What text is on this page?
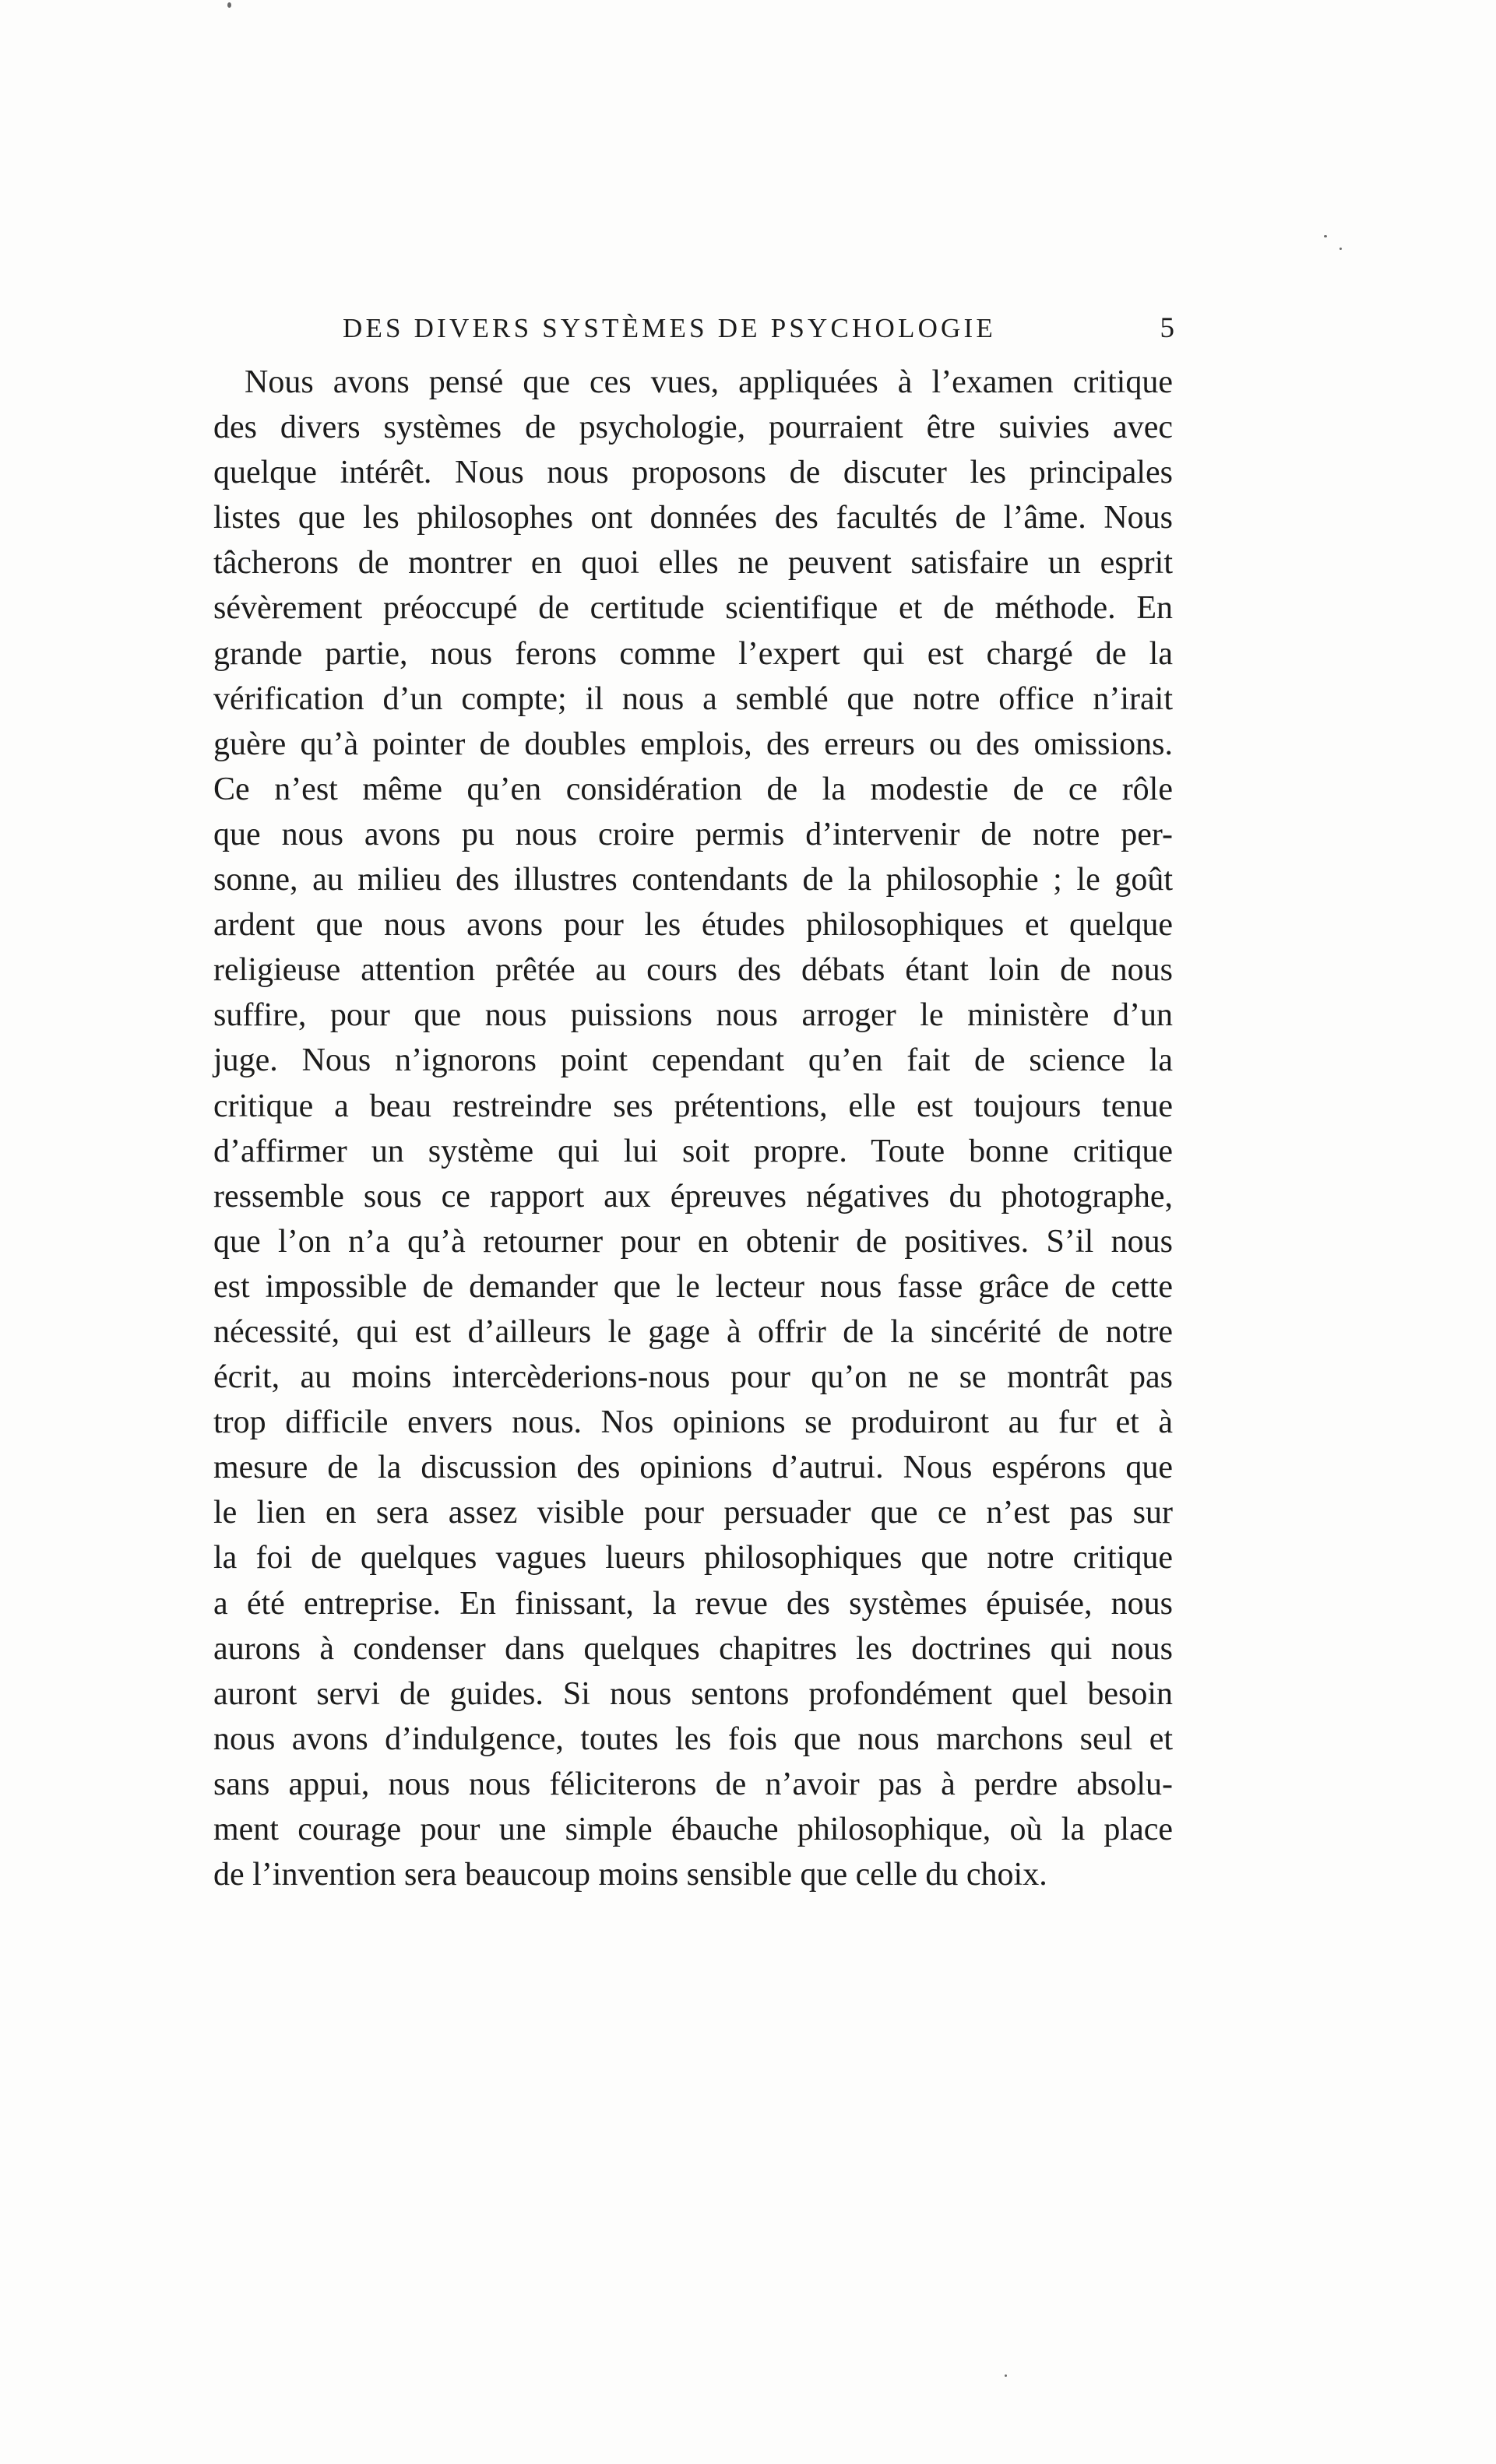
DES DIVERS SYSTÈMES DE PSYCHOLOGIE	5
Nous avons pensé que ces vues, appliquées à l’examen critique
des divers systèmes de psychologie, pourraient être suivies avec
quelque intérêt. Nous nous proposons de discuter les principales
listes que les philosophes ont données des facultés de l’âme. Nous
tâcherons de montrer en quoi elles ne peuvent satisfaire un esprit
sévèrement préoccupé de certitude scientifique et de méthode. En
grande partie, nous ferons comme l’expert qui est chargé de la
vérification d’un compte; il nous a semblé que notre office n’irait
guère qu’à pointer de doubles emplois, des erreurs ou des omissions.
Ce n’est même qu’en considération de la modestie de ce rôle
que nous avons pu nous croire permis d’intervenir de notre per-
sonne, au milieu des illustres contendants de la philosophie ; le goût
ardent que nous avons pour les études philosophiques et quelque
religieuse attention prêtée au cours des débats étant loin de nous
suffire, pour que nous puissions nous arroger le ministère d’un
juge. Nous n’ignorons point cependant qu’en fait de science la
critique a beau restreindre ses prétentions, elle est toujours tenue
d’affirmer un système qui lui soit propre. Toute bonne critique
ressemble sous ce rapport aux épreuves négatives du photographe,
que l’on n’a qu’à retourner pour en obtenir de positives. S’il nous
est impossible de demander que le lecteur nous fasse grâce de cette
nécessité, qui est d’ailleurs le gage à offrir de la sincérité de notre
écrit, au moins intercèderions-nous pour qu’on ne se montrât pas
trop difficile envers nous. Nos opinions se produiront au fur et à
mesure de la discussion des opinions d’autrui. Nous espérons que
le lien en sera assez visible pour persuader que ce n’est pas sur
la foi de quelques vagues lueurs philosophiques que notre critique
a été entreprise. En finissant, la revue des systèmes épuisée, nous
aurons à condenser dans quelques chapitres les doctrines qui nous
auront servi de guides. Si nous sentons profondément quel besoin
nous avons d’indulgence, toutes les fois que nous marchons seul et
sans appui, nous nous féliciterons de n’avoir pas à perdre absolu-
ment courage pour une simple ébauche philosophique, où la place
de l’invention sera beaucoup moins sensible que celle du choix.
